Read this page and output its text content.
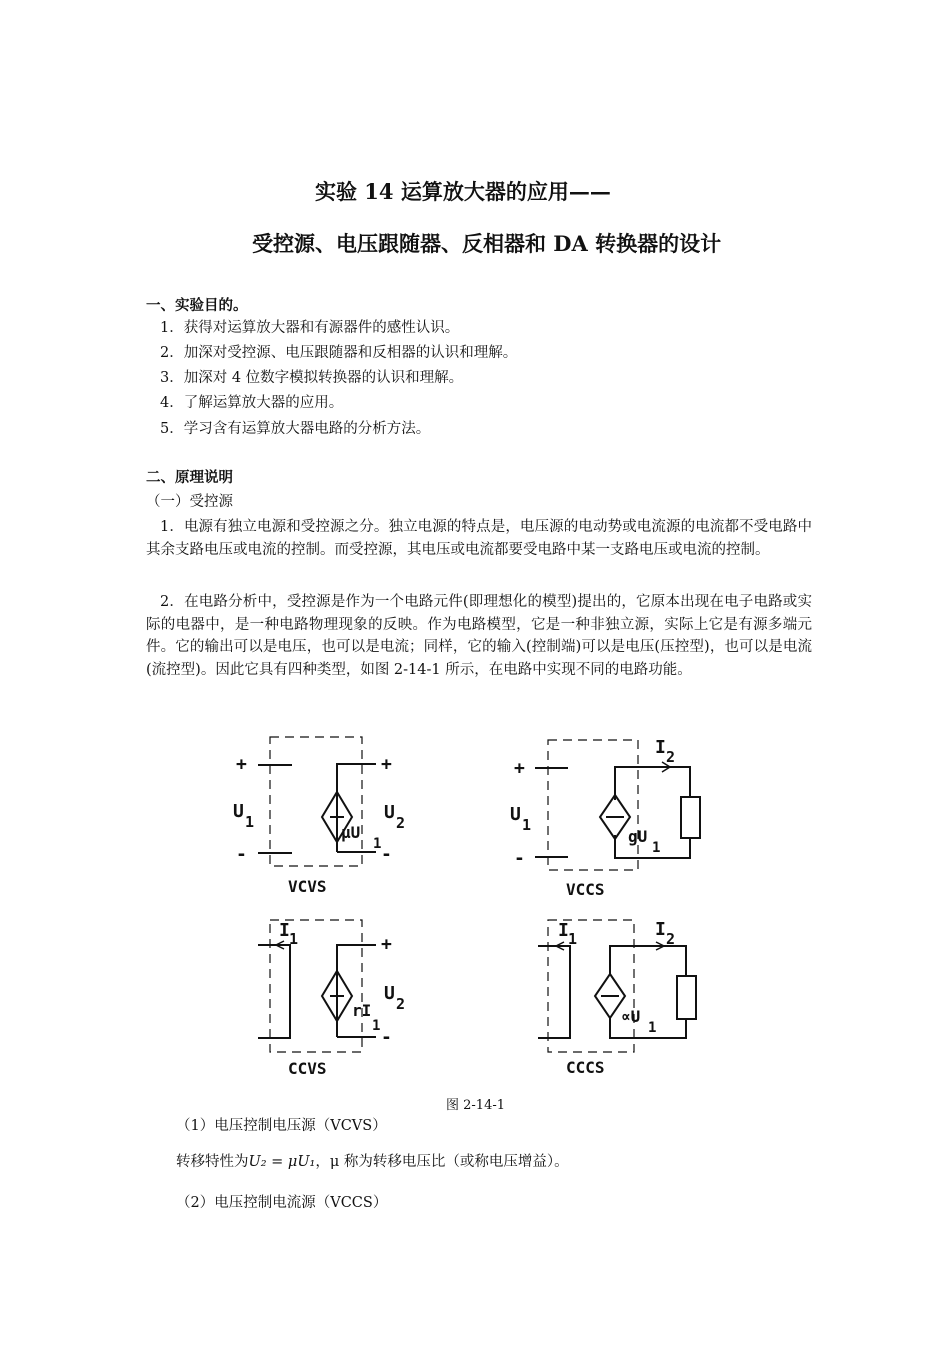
实验 14 运算放大器的应用——
受控源、电压跟随器、反相器和 DA 转换器的设计
一、实验目的。
1．获得对运算放大器和有源器件的感性认识。
2．加深对受控源、电压跟随器和反相器的认识和理解。
3．加深对 4 位数字模拟转换器的认识和理解。
4．了解运算放大器的应用。
5．学习含有运算放大器电路的分析方法。
二、原理说明
（一）受控源
1．电源有独立电源和受控源之分。独立电源的特点是，电压源的电动势或电流源的电流都不受电路中其余支路电压或电流的控制。而受控源，其电压或电流都要受电路中某一支路电压或电流的控制。
2．在电路分析中，受控源是作为一个电路元件(即理想化的模型)提出的，它原本出现在电子电路或实际的电器中，是一种电路物理现象的反映。作为电路模型，它是一种非独立源，实际上它是有源多端元件。它的输出可以是电压，也可以是电流；同样，它的输入(控制端)可以是电压(压控型)，也可以是电流(流控型)。因此它具有四种类型，如图 2-14-1 所示，在电路中实现不同的电路功能。
+
-
+
-
U 1	U 2
μU
1
VCVS
+
-
U 1
I 2
gU
1
VCCS
+
-
I 1
U 2
rI
1
CCVS
I 1	I 2
∝U
1
CCCS
图 2-14-1
（1）电压控制电压源（VCVS）
转移特性为U₂ = μU₁，μ 称为转移电压比（或称电压增益）。
（2）电压控制电流源（VCCS）
